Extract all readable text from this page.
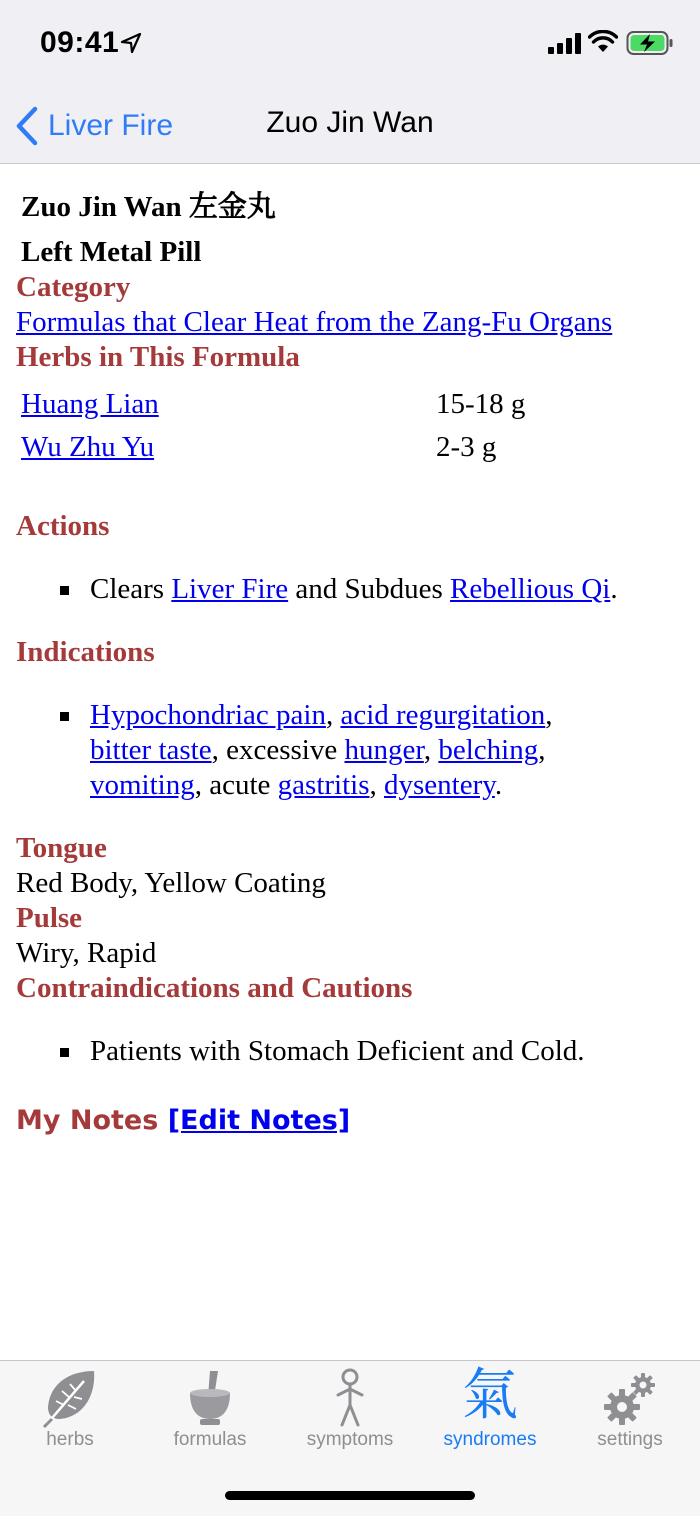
09:41
Liver Fire	Zuo Jin Wan
Zuo Jin Wan 左金丸
Left Metal Pill
Category
Formulas that Clear Heat from the Zang-Fu Organs
Herbs in This Formula
Huang Lian	15-18 g
Wu Zhu Yu	2-3 g
Actions
Clears Liver Fire and Subdues Rebellious Qi.
Indications
Hypochondriac pain, acid regurgitation,
bitter taste, excessive hunger, belching,
vomiting, acute gastritis, dysentery.
Tongue
Red Body, Yellow Coating
Pulse
Wiry, Rapid
Contraindications and Cautions
Patients with Stomach Deficient and Cold.
My Notes [Edit Notes]
herbs	formulas	symptoms
氣
syndromes	settings
